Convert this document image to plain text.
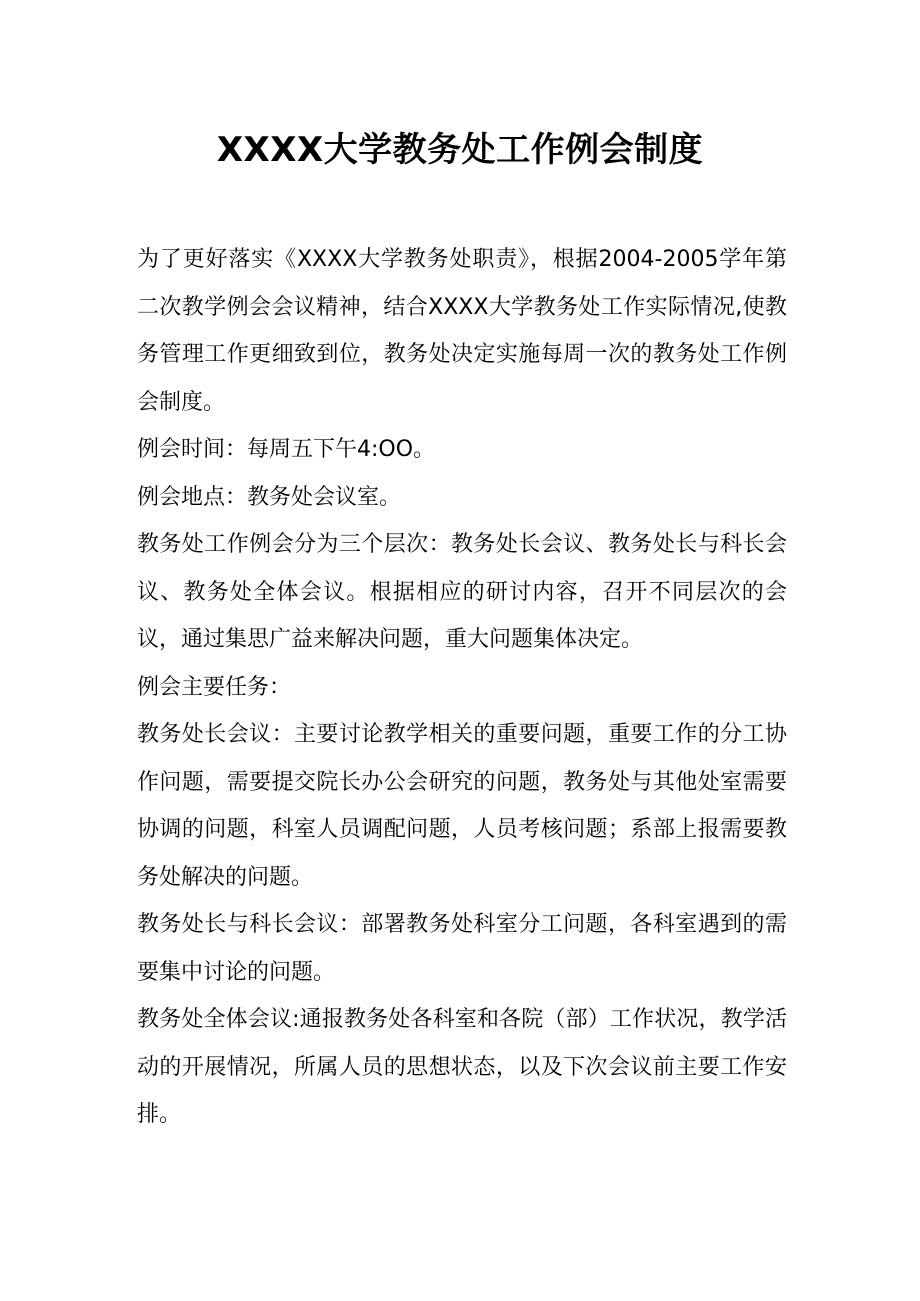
XXXX大学教务处工作例会制度

为了更好落实《XXXX大学教务处职责》，根据2004-2005学年第二次教学例会会议精神，结合XXXX大学教务处工作实际情况,使教务管理工作更细致到位，教务处决定实施每周一次的教务处工作例会制度。

例会时间：每周五下午4:OO。

例会地点：教务处会议室。

教务处工作例会分为三个层次：教务处长会议、教务处长与科长会议、教务处全体会议。根据相应的研讨内容，召开不同层次的会议，通过集思广益来解决问题，重大问题集体决定。

例会主要任务：

教务处长会议：主要讨论教学相关的重要问题，重要工作的分工协作问题，需要提交院长办公会研究的问题，教务处与其他处室需要协调的问题，科室人员调配问题，人员考核问题；系部上报需要教务处解决的问题。

教务处长与科长会议：部署教务处科室分工问题，各科室遇到的需要集中讨论的问题。

教务处全体会议:通报教务处各科室和各院（部）工作状况，教学活动的开展情况，所属人员的思想状态，以及下次会议前主要工作安排。
